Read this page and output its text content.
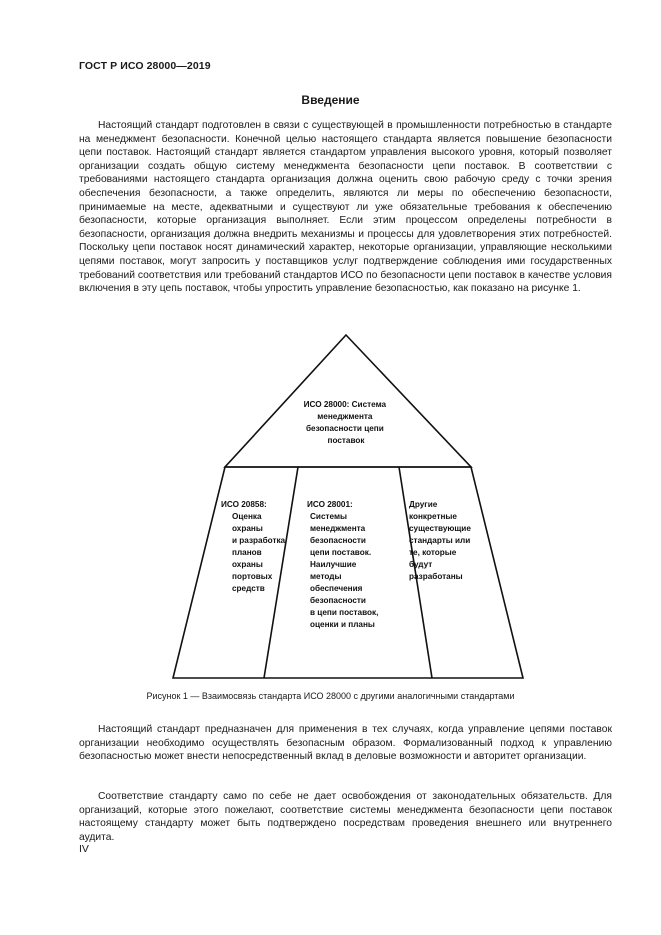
ГОСТ Р ИСО 28000—2019
Введение

Настоящий стандарт подготовлен в связи с существующей в промышленности потребностью в стандарте на менеджмент безопасности. Конечной целью настоящего стандарта является повышение безопасности цепи поставок. Настоящий стандарт является стандартом управления высокого уровня, который позволяет организации создать общую систему менеджмента безопасности цепи поставок. В соответствии с требованиями настоящего стандарта организация должна оценить свою рабочую среду с точки зрения обеспечения безопасности, а также определить, являются ли меры по обеспечению безопасности, принимаемые на месте, адекватными и существуют ли уже обязательные требования к обеспечению безопасности, которые организация выполняет. Если этим процессом определены потребности в безопасности, организация должна внедрить механизмы и процессы для удовлетворения этих потребностей. Поскольку цепи поставок носят динамический характер, некоторые организации, управляющие несколькими цепями поставок, могут запросить у поставщиков услуг подтверждение соблюдения ими государственных требований соответствия или требований стандартов ИСО по безопасности цепи поставок в качестве условия включения в эту цепь поставок, чтобы упростить управление безопасностью, как показано на рисунке 1.

ИСО 28000: Система менеджмента безопасности цепи поставок
ИСО 20858: Оценка охраны и разработка планов охраны портовых средств
ИСО 28001: Системы менеджмента безопасности цепи поставок. Наилучшие методы обеспечения безопасности в цепи поставок, оценки и планы
Другие конкретные существующие стандарты или те, которые будут разработаны
Рисунок 1 — Взаимосвязь стандарта ИСО 28000 с другими аналогичными стандартами

Настоящий стандарт предназначен для применения в тех случаях, когда управление цепями поставок организации необходимо осуществлять безопасным образом. Формализованный подход к управлению безопасностью может внести непосредственный вклад в деловые возможности и авторитет организации.

Соответствие стандарту само по себе не дает освобождения от законодательных обязательств. Для организаций, которые этого пожелают, соответствие системы менеджмента безопасности цепи поставок настоящему стандарту может быть подтверждено посредствам проведения внешнего или внутреннего аудита.

IV
